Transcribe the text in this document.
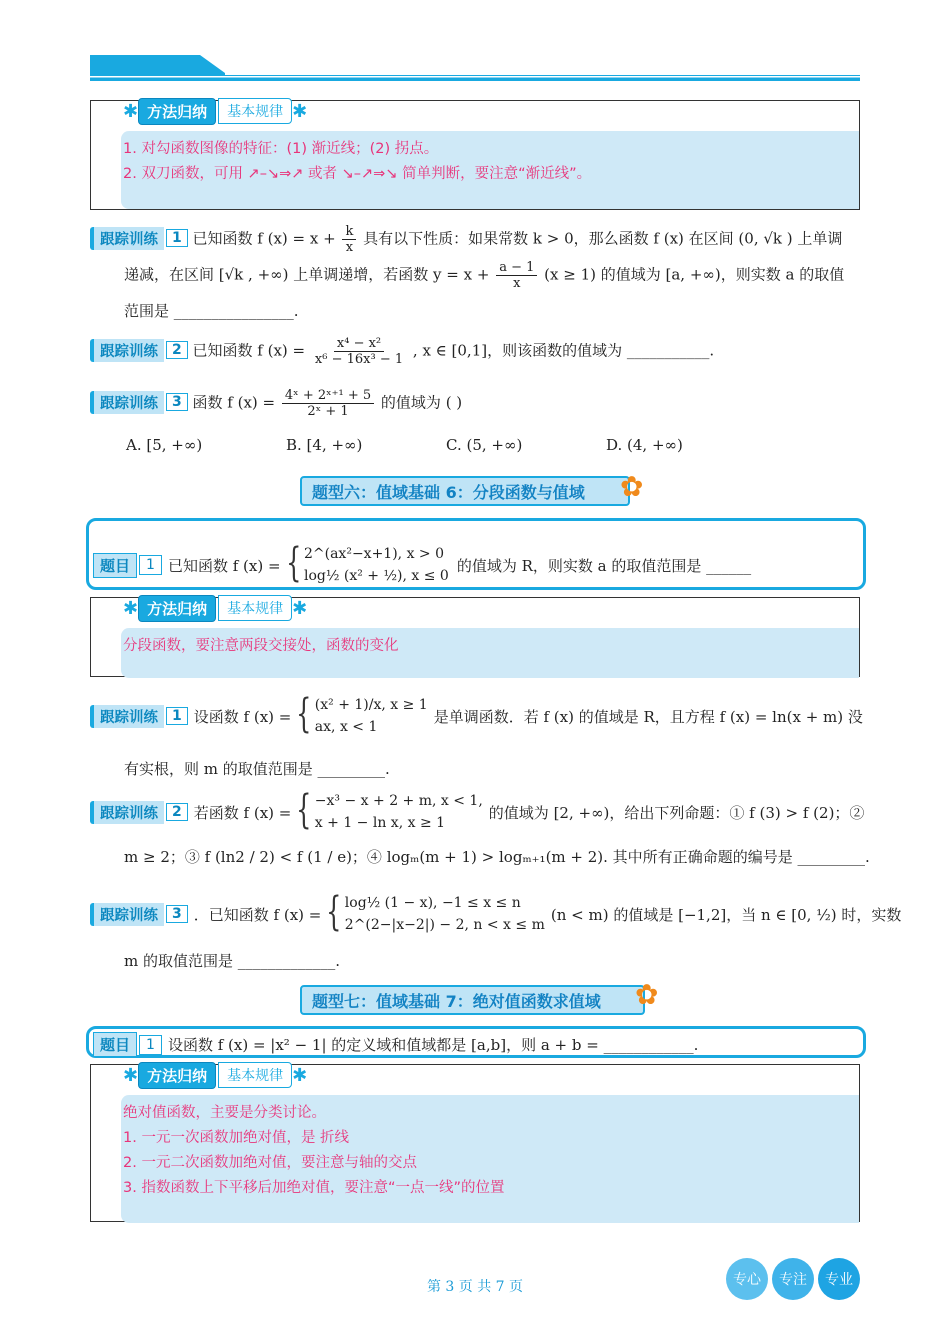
✱ 方法归纳	基本规律 ✱
1. 对勾函数图像的特征：(1) 渐近线；(2) 拐点。
2. 双刀函数，可用 ↗–↘⇒↗ 或者 ↘–↗⇒↘ 简单判断，要注意“渐近线”。
跟踪训练	1 已知函数 f $(x) = x + \frac{k}{x}$ 具有以下性质：如果常数 k > 0，那么函数 f (x) 在区间 (0, √k ) 上单调
递减，在区间 [√k , +∞) 上单调递增，若函数 $y = x + \frac{a - 1}{x} (x \ge 1)$ 的值域为 [a, +∞)，则实数 a 的取值
范围是 ________________.
跟踪训练	2 已知函数 f $(x) = \frac{\text{x⁴ − x²}}{\text{x⁶ − 16x³ − 1}}$ , x ∈ [0,1]，则该函数的值域为 ___________.
跟踪训练	3 函数 f $(x) = \frac{\text{4ˣ + 2ˣ⁺¹ + 5}}{\text{2ˣ + 1}}$ 的值域为 ( )
A. [5, +∞)	B. [4, +∞)	C. (5, +∞)	D. (4, +∞)
题型六：值域基础 6：分段函数与值域 ✿
题目	1 已知函数 f (x) = { 2^(ax²−x+1), x > 0
log½ (x² + ½), x ≤ 0
的值域为 R，则实数 a 的取值范围是 ______
✱ 方法归纳	基本规律 ✱
分段函数，要注意两段交接处，函数的变化
跟踪训练	1 设函数 f (x) = { (x² + 1)/x, x ≥ 1
ax, x < 1
是单调函数．若 f (x) 的值域是 R，且方程 f (x) = ln(x + m) 没
有实根，则 m 的取值范围是 _________.
跟踪训练	2 若函数 f (x) = { −x³ − x + 2 + m, x < 1,
x + 1 − ln x, x ≥ 1
的值域为 [2, +∞)，给出下列命题：① f (3) > f (2)；②
m ≥ 2；③ f (ln2 / 2) < f (1 / e)；④ logₘ(m + 1) > logₘ₊₁(m + 2). 其中所有正确命题的编号是 _________.
跟踪训练	3 ．已知函数 f (x) = { log½ (1 − x), −1 ≤ x ≤ n
2^(2−|x−2|) − 2, n < x ≤ m
(n < m) 的值域是 [−1,2]，当 n ∈ [0, ½) 时，实数
m 的取值范围是 _____________.
题型七：值域基础 7：绝对值函数求值域 ✿
题目	1 设函数 f (x) = |x² − 1| 的定义域和值域都是 [a,b]，则 a + b = ____________.
✱ 方法归纳	基本规律 ✱
绝对值函数，主要是分类讨论。
1. 一元一次函数加绝对值，是 折线
2. 一元二次函数加绝对值，要注意与轴的交点
3. 指数函数上下平移后加绝对值，要注意“一点一线”的位置
第 3 页 共 7 页	专心	专注	专业
